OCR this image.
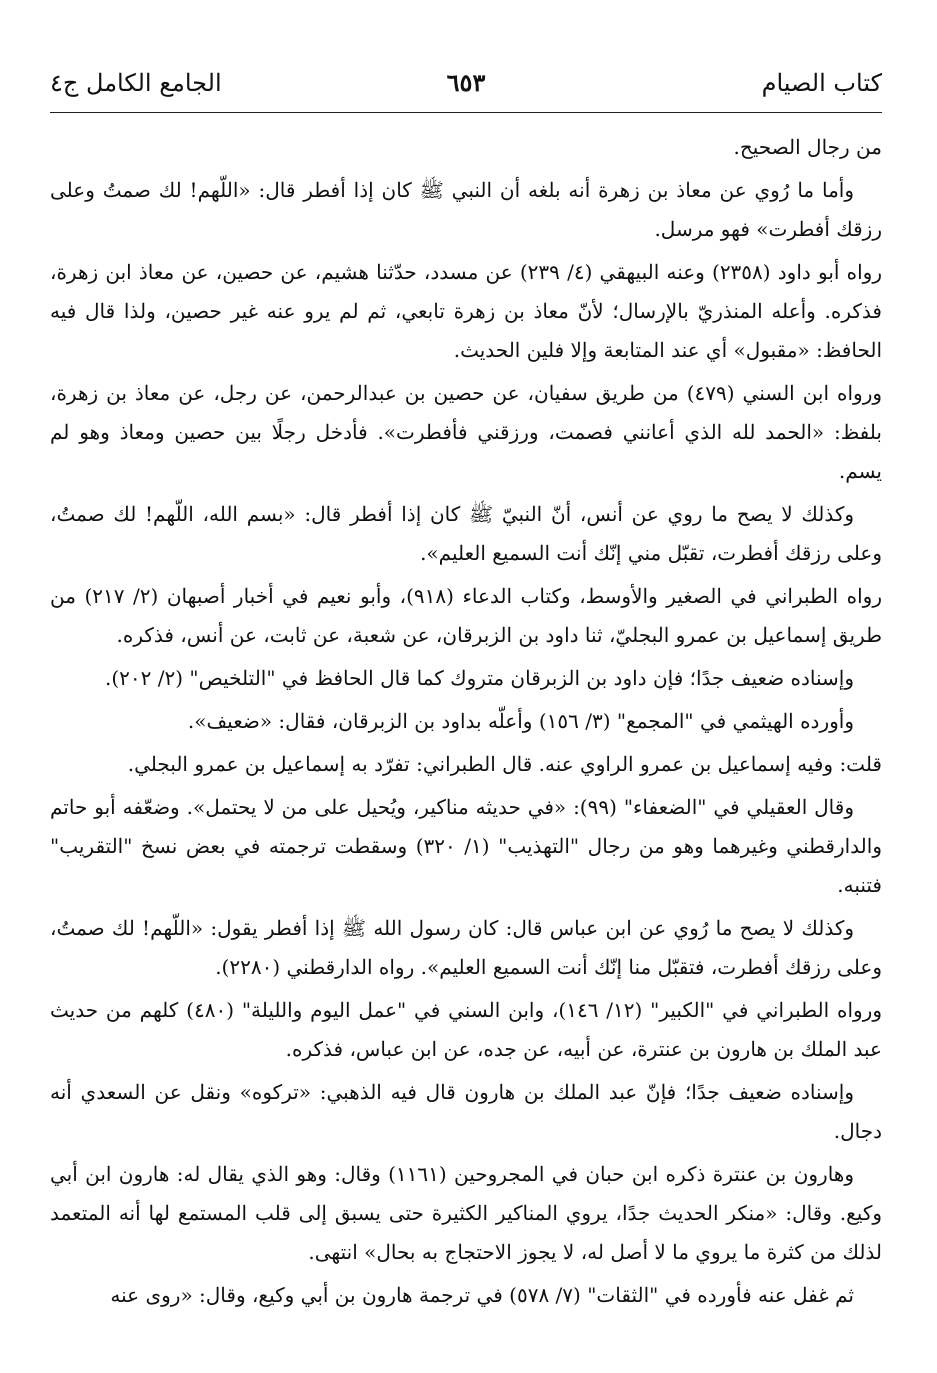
كتاب الصيام
٦٥٣
الجامع الكامل ج٤

من رجال الصحيح.

وأما ما رُوي عن معاذ بن زهرة أنه بلغه أن النبي ﷺ كان إذا أفطر قال: «اللّهم! لك صمتُ وعلى رزقك أفطرت» فهو مرسل.

رواه أبو داود (٢٣٥٨) وعنه البيهقي (٤/ ٢٣٩) عن مسدد، حدّثنا هشيم، عن حصين، عن معاذ ابن زهرة، فذكره. وأعله المنذريّ بالإرسال؛ لأنّ معاذ بن زهرة تابعي، ثم لم يرو عنه غير حصين، ولذا قال فيه الحافظ: «مقبول» أي عند المتابعة وإلا فلين الحديث.

ورواه ابن السني (٤٧٩) من طريق سفيان، عن حصين بن عبدالرحمن، عن رجل، عن معاذ بن زهرة، بلفظ: «الحمد لله الذي أعانني فصمت، ورزقني فأفطرت». فأدخل رجلًا بين حصين ومعاذ وهو لم يسم.

وكذلك لا يصح ما روي عن أنس، أنّ النبيّ ﷺ كان إذا أفطر قال: «بسم الله، اللّهم! لك صمتُ، وعلى رزقك أفطرت، تقبّل مني إنّك أنت السميع العليم».

رواه الطبراني في الصغير والأوسط، وكتاب الدعاء (٩١٨)، وأبو نعيم في أخبار أصبهان (٢/ ٢١٧) من طريق إسماعيل بن عمرو البجليّ، ثنا داود بن الزبرقان، عن شعبة، عن ثابت، عن أنس، فذكره.

وإسناده ضعيف جدًا؛ فإن داود بن الزبرقان متروك كما قال الحافظ في "التلخيص" (٢/ ٢٠٢).

وأورده الهيثمي في "المجمع" (٣/ ١٥٦) وأعلّه بداود بن الزبرقان، فقال: «ضعيف».

قلت: وفيه إسماعيل بن عمرو الراوي عنه. قال الطبراني: تفرّد به إسماعيل بن عمرو البجلي.

وقال العقيلي في "الضعفاء" (٩٩): «في حديثه مناكير، ويُحيل على من لا يحتمل». وضعّفه أبو حاتم والدارقطني وغيرهما وهو من رجال "التهذيب" (١/ ٣٢٠) وسقطت ترجمته في بعض نسخ "التقريب" فتنبه.

وكذلك لا يصح ما رُوي عن ابن عباس قال: كان رسول الله ﷺ إذا أفطر يقول: «اللّهم! لك صمتُ، وعلى رزقك أفطرت، فتقبّل منا إنّك أنت السميع العليم». رواه الدارقطني (٢٢٨٠).

ورواه الطبراني في "الكبير" (١٢/ ١٤٦)، وابن السني في "عمل اليوم والليلة" (٤٨٠) كلهم من حديث عبد الملك بن هارون بن عنترة، عن أبيه، عن جده، عن ابن عباس، فذكره.

وإسناده ضعيف جدًا؛ فإنّ عبد الملك بن هارون قال فيه الذهبي: «تركوه» ونقل عن السعدي أنه دجال.

وهارون بن عنترة ذكره ابن حبان في المجروحين (١١٦١) وقال: وهو الذي يقال له: هارون ابن أبي وكيع. وقال: «منكر الحديث جدًا، يروي المناكير الكثيرة حتى يسبق إلى قلب المستمع لها أنه المتعمد لذلك من كثرة ما يروي ما لا أصل له، لا يجوز الاحتجاج به بحال» انتهى.

ثم غفل عنه فأورده في "الثقات" (٧/ ٥٧٨) في ترجمة هارون بن أبي وكيع، وقال: «روى عنه
